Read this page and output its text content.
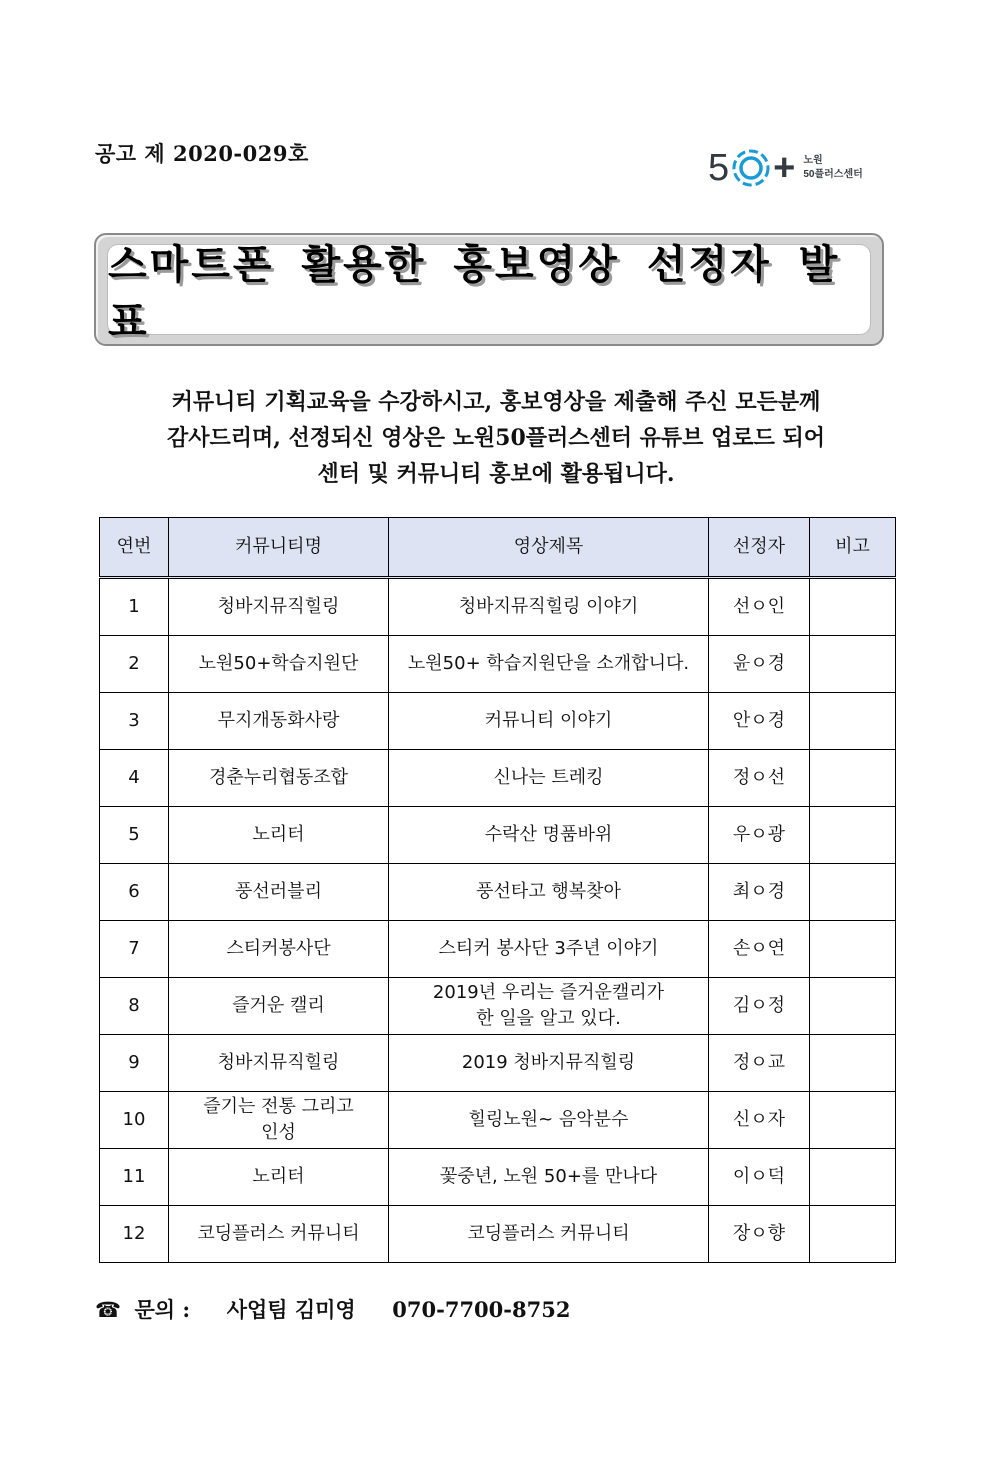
공고 제 2020-029호	5 + 노원
50플러스센터
스마트폰 활용한 홍보영상 선정자 발표
커뮤니티 기획교육을 수강하시고, 홍보영상을 제출해 주신 모든분께
감사드리며, 선정되신 영상은 노원50플러스센터 유튜브 업로드 되어
센터 및 커뮤니티 홍보에 활용됩니다.
연번	커뮤니티명	영상제목	선정자	비고
1	청바지뮤직힐링	청바지뮤직힐링 이야기	선ㅇ인	
2	노원50+학습지원단	노원50+ 학습지원단을 소개합니다.	윤ㅇ경	
3	무지개동화사랑	커뮤니티 이야기	안ㅇ경	
4	경춘누리협동조합	신나는 트레킹	정ㅇ선	
5	노리터	수락산 명품바위	우ㅇ광	
6	풍선러블리	풍선타고 행복찾아	최ㅇ경	
7	스티커봉사단	스티커 봉사단 3주년 이야기	손ㅇ연	
8	즐거운 캘리	2019년 우리는 즐거운캘리가
한 일을 알고 있다.	김ㅇ정	
9	청바지뮤직힐링	2019 청바지뮤직힐링	정ㅇ교	
10	즐기는 전통 그리고
인성	힐링노원~ 음악분수	신ㅇ자	
11	노리터	꽃중년, 노원 50+를 만나다	이ㅇ덕	
12	코딩플러스 커뮤니티	코딩플러스 커뮤니티	장ㅇ향	
☎ 문의 : 사업팀 김미영 070-7700-8752
